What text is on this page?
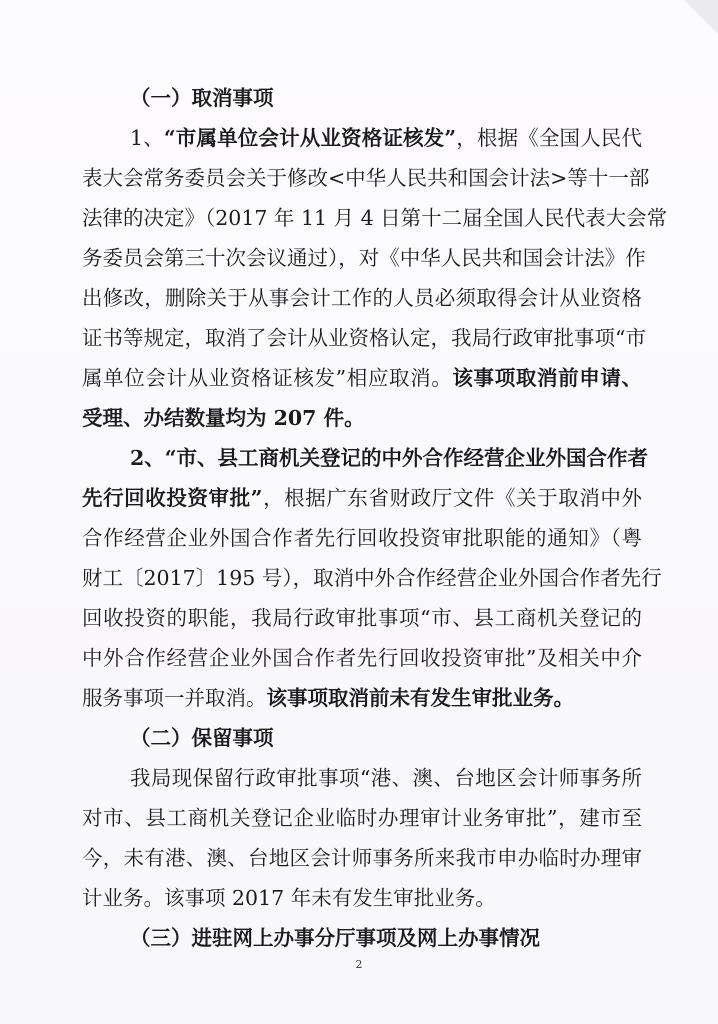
（一）取消事项
1、“市属单位会计从业资格证核发”，根据《全国人民代
表大会常务委员会关于修改<中华人民共和国会计法>等十一部
法律的决定》（2017 年 11 月 4 日第十二届全国人民代表大会常
务委员会第三十次会议通过），对《中华人民共和国会计法》作
出修改，删除关于从事会计工作的人员必须取得会计从业资格
证书等规定，取消了会计从业资格认定，我局行政审批事项“市
属单位会计从业资格证核发”相应取消。该事项取消前申请、
受理、办结数量均为 207 件。
2、“市、县工商机关登记的中外合作经营企业外国合作者
先行回收投资审批”，根据广东省财政厅文件《关于取消中外
合作经营企业外国合作者先行回收投资审批职能的通知》（粤
财工〔2017〕195 号），取消中外合作经营企业外国合作者先行
回收投资的职能，我局行政审批事项“市、县工商机关登记的
中外合作经营企业外国合作者先行回收投资审批”及相关中介
服务事项一并取消。该事项取消前未有发生审批业务。
（二）保留事项
我局现保留行政审批事项“港、澳、台地区会计师事务所
对市、县工商机关登记企业临时办理审计业务审批”，建市至
今，未有港、澳、台地区会计师事务所来我市申办临时办理审
计业务。该事项 2017 年未有发生审批业务。
（三）进驻网上办事分厅事项及网上办事情况
2
